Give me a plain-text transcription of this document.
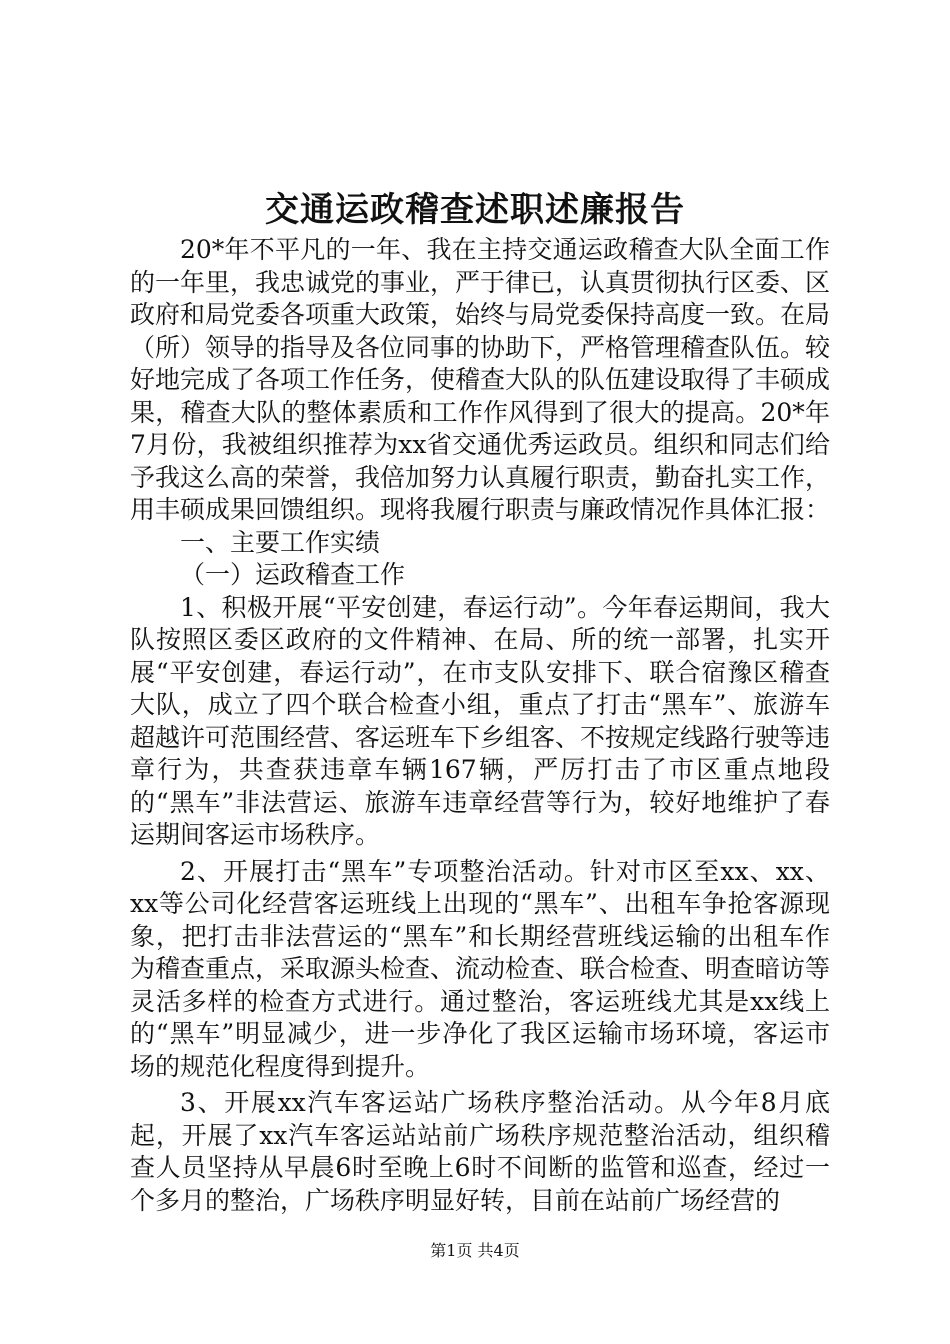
交通运政稽查述职述廉报告

20*年不平凡的一年、我在主持交通运政稽查大队全面工作的一年里，我忠诚党的事业，严于律已，认真贯彻执行区委、区政府和局党委各项重大政策，始终与局党委保持高度一致。在局（所）领导的指导及各位同事的协助下，严格管理稽查队伍。较好地完成了各项工作任务，使稽查大队的队伍建设取得了丰硕成果，稽查大队的整体素质和工作作风得到了很大的提高。20*年7月份，我被组织推荐为xx省交通优秀运政员。组织和同志们给予我这么高的荣誉，我倍加努力认真履行职责，勤奋扎实工作，用丰硕成果回馈组织。现将我履行职责与廉政情况作具体汇报：

一、主要工作实绩

（一）运政稽查工作

1、积极开展“平安创建，春运行动”。今年春运期间，我大队按照区委区政府的文件精神、在局、所的统一部署，扎实开展“平安创建，春运行动”，在市支队安排下、联合宿豫区稽查大队，成立了四个联合检查小组，重点了打击“黑车”、旅游车超越许可范围经营、客运班车下乡组客、不按规定线路行驶等违章行为，共查获违章车辆167辆，严厉打击了市区重点地段的“黑车”非法营运、旅游车违章经营等行为，较好地维护了春运期间客运市场秩序。

2、开展打击“黑车”专项整治活动。针对市区至xx、xx、xx等公司化经营客运班线上出现的“黑车”、出租车争抢客源现象，把打击非法营运的“黑车”和长期经营班线运输的出租车作为稽查重点，采取源头检查、流动检查、联合检查、明查暗访等灵活多样的检查方式进行。通过整治，客运班线尤其是xx线上的“黑车”明显减少，进一步净化了我区运输市场环境，客运市场的规范化程度得到提升。

3、开展xx汽车客运站广场秩序整治活动。从今年8月底起，开展了xx汽车客运站站前广场秩序规范整治活动，组织稽查人员坚持从早晨6时至晚上6时不间断的监管和巡查，经过一个多月的整治，广场秩序明显好转，目前在站前广场经营的

第1页 共4页
